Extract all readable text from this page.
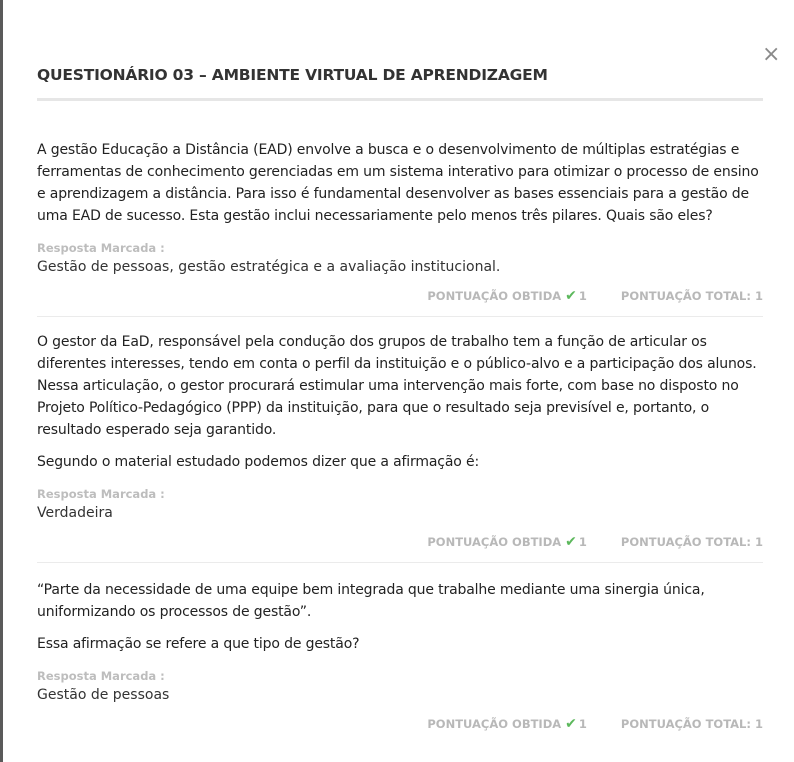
×
QUESTIONÁRIO 03 – AMBIENTE VIRTUAL DE APRENDIZAGEM

A gestão Educação a Distância (EAD) envolve a busca e o desenvolvimento de múltiplas estratégias e ferramentas de conhecimento gerenciadas em um sistema interativo para otimizar o processo de ensino e aprendizagem a distância. Para isso é fundamental desenvolver as bases essenciais para a gestão de uma EAD de sucesso. Esta gestão inclui necessariamente pelo menos três pilares. Quais são eles?

Resposta Marcada :
Gestão de pessoas, gestão estratégica e a avaliação institucional.
PONTUAÇÃO OBTIDA ✔ 1	PONTUAÇÃO TOTAL: 1

O gestor da EaD, responsável pela condução dos grupos de trabalho tem a função de articular os diferentes interesses, tendo em conta o perfil da instituição e o público-alvo e a participação dos alunos. Nessa articulação, o gestor procurará estimular uma intervenção mais forte, com base no disposto no Projeto Político-Pedagógico (PPP) da instituição, para que o resultado seja previsível e, portanto, o resultado esperado seja garantido.

Segundo o material estudado podemos dizer que a afirmação é:

Resposta Marcada :
Verdadeira
PONTUAÇÃO OBTIDA ✔ 1	PONTUAÇÃO TOTAL: 1

“Parte da necessidade de uma equipe bem integrada que trabalhe mediante uma sinergia única, uniformizando os processos de gestão”.

Essa afirmação se refere a que tipo de gestão?

Resposta Marcada :
Gestão de pessoas
PONTUAÇÃO OBTIDA ✔ 1	PONTUAÇÃO TOTAL: 1
